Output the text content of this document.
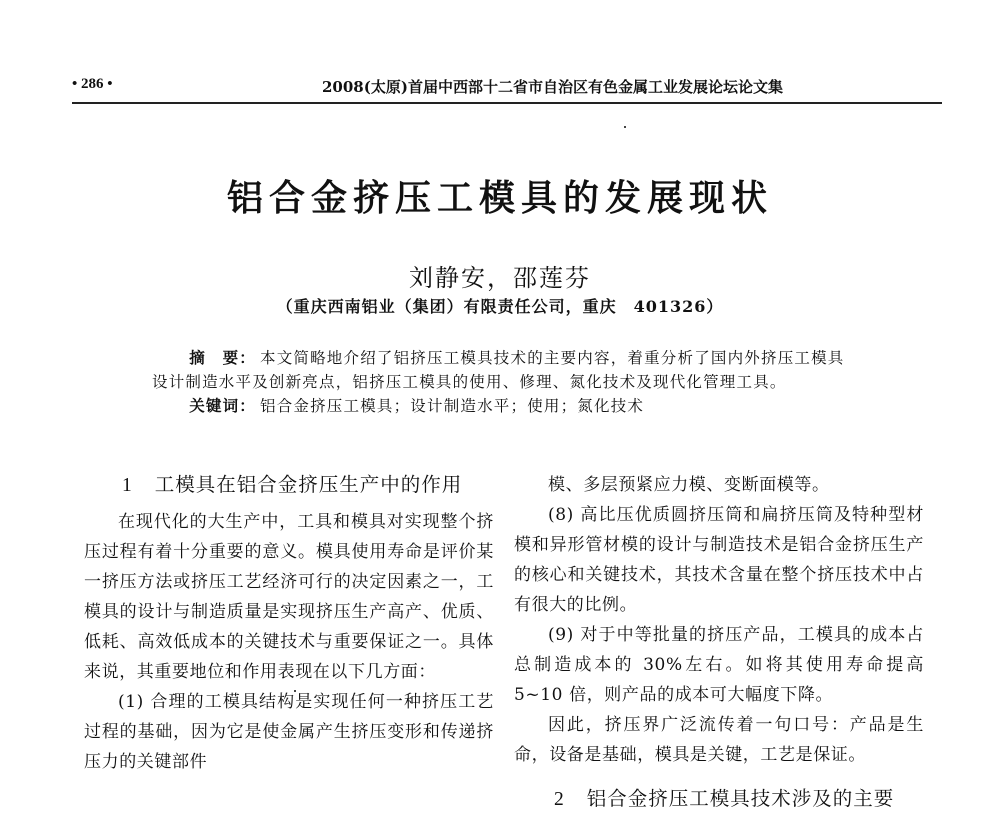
• 286 •	2008(太原)首届中西部十二省市自治区有色金属工业发展论坛论文集
铝合金挤压工模具的发展现状
刘静安，邵莲芬
（重庆西南铝业（集团）有限责任公司，重庆　401326）

摘　要： 本文简略地介绍了铝挤压工模具技术的主要内容，着重分析了国内外挤压工模具设计制造水平及创新亮点，铝挤压工模具的使用、修理、氮化技术及现代化管理工具。

关键词： 铝合金挤压工模具；设计制造水平；使用；氮化技术

1 工模具在铝合金挤压生产中的作用

在现代化的大生产中，工具和模具对实现整个挤压过程有着十分重要的意义。模具使用寿命是评价某一挤压方法或挤压工艺经济可行的决定因素之一，工模具的设计与制造质量是实现挤压生产高产、优质、低耗、高效低成本的关键技术与重要保证之一。具体来说，其重要地位和作用表现在以下几方面：

(1) 合理的工模具结构是实现任何一种挤压工艺过程的基础，因为它是使金属产生挤压变形和传递挤压力的关键部件

模、多层预紧应力模、变断面模等。

(8) 高比压优质圆挤压筒和扁挤压筒及特种型材模和异形管材模的设计与制造技术是铝合金挤压生产的核心和关键技术，其技术含量在整个挤压技术中占有很大的比例。

(9) 对于中等批量的挤压产品，工模具的成本占总制造成本的 30%左右。如将其使用寿命提高5~10 倍，则产品的成本可大幅度下降。

因此，挤压界广泛流传着一句口号：产品是生命，设备是基础，模具是关键，工艺是保证。

2 铝合金挤压工模具技术涉及的主要
